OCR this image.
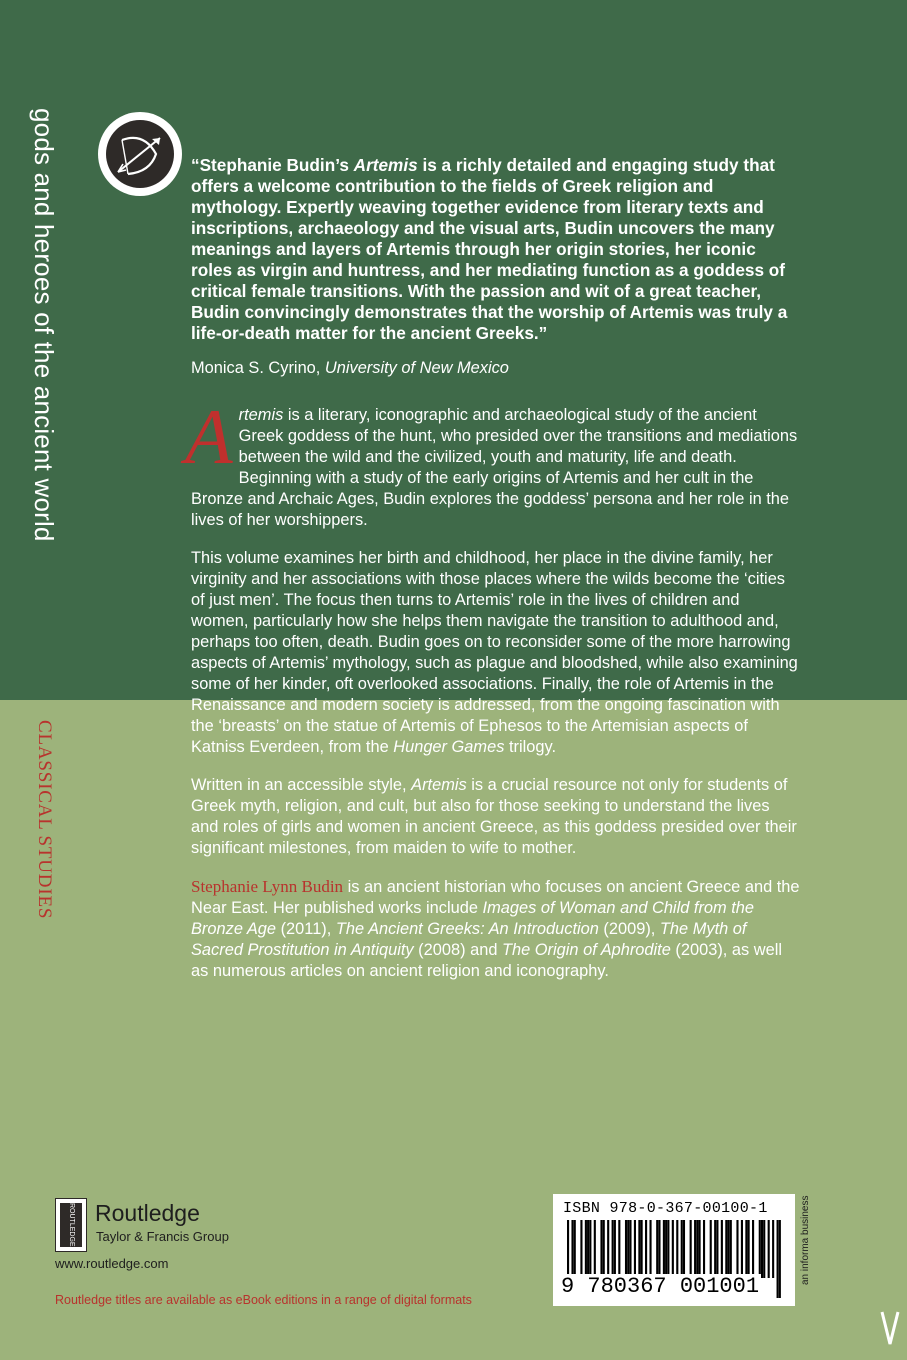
gods and heroes of the ancient world
CLASSICAL STUDIES

“Stephanie Budin’s Artemis is a richly detailed and engaging study that offers a welcome contribution to the fields of Greek religion and mythology. Expertly weaving together evidence from literary texts and inscriptions, archaeology and the visual arts, Budin uncovers the many meanings and layers of Artemis through her origin stories, her iconic roles as virgin and huntress, and her mediating function as a goddess of critical female transitions. With the passion and wit of a great teacher, Budin convincingly demonstrates that the worship of Artemis was truly a life-or-death matter for the ancient Greeks.”

Monica S. Cyrino, University of New Mexico

Artemis is a literary, iconographic and archaeological study of the ancient Greek goddess of the hunt, who presided over the transitions and mediations between the wild and the civilized, youth and maturity, life and death. Beginning with a study of the early origins of Artemis and her cult in the Bronze and Archaic Ages, Budin explores the goddess’ persona and her role in the lives of her worshippers.

This volume examines her birth and childhood, her place in the divine family, her virginity and her associations with those places where the wilds become the ‘cities of just men’. The focus then turns to Artemis’ role in the lives of children and women, particularly how she helps them navigate the transition to adulthood and, perhaps too often, death. Budin goes on to reconsider some of the more harrowing aspects of Artemis’ mythology, such as plague and bloodshed, while also examining some of her kinder, oft overlooked associations. Finally, the role of Artemis in the Renaissance and modern society is addressed, from the ongoing fascination with the ‘breasts’ on the statue of Artemis of Ephesos to the Artemisian aspects of Katniss Everdeen, from the Hunger Games trilogy.

Written in an accessible style, Artemis is a crucial resource not only for students of Greek myth, religion, and cult, but also for those seeking to understand the lives and roles of girls and women in ancient Greece, as this goddess presided over their significant milestones, from maiden to wife to mother.

Stephanie Lynn Budin is an ancient historian who focuses on ancient Greece and the Near East. Her published works include Images of Woman and Child from the Bronze Age (2011), The Ancient Greeks: An Introduction (2009), The Myth of Sacred Prostitution in Antiquity (2008) and The Origin of Aphrodite (2003), as well as numerous articles on ancient religion and iconography.

ROUTLEDGE Routledge
Taylor & Francis Group
www.routledge.com
Routledge titles are available as eBook editions in a range of digital formats
ISBN 978-0-367-00100-1
9 780367 001001
an informa business
